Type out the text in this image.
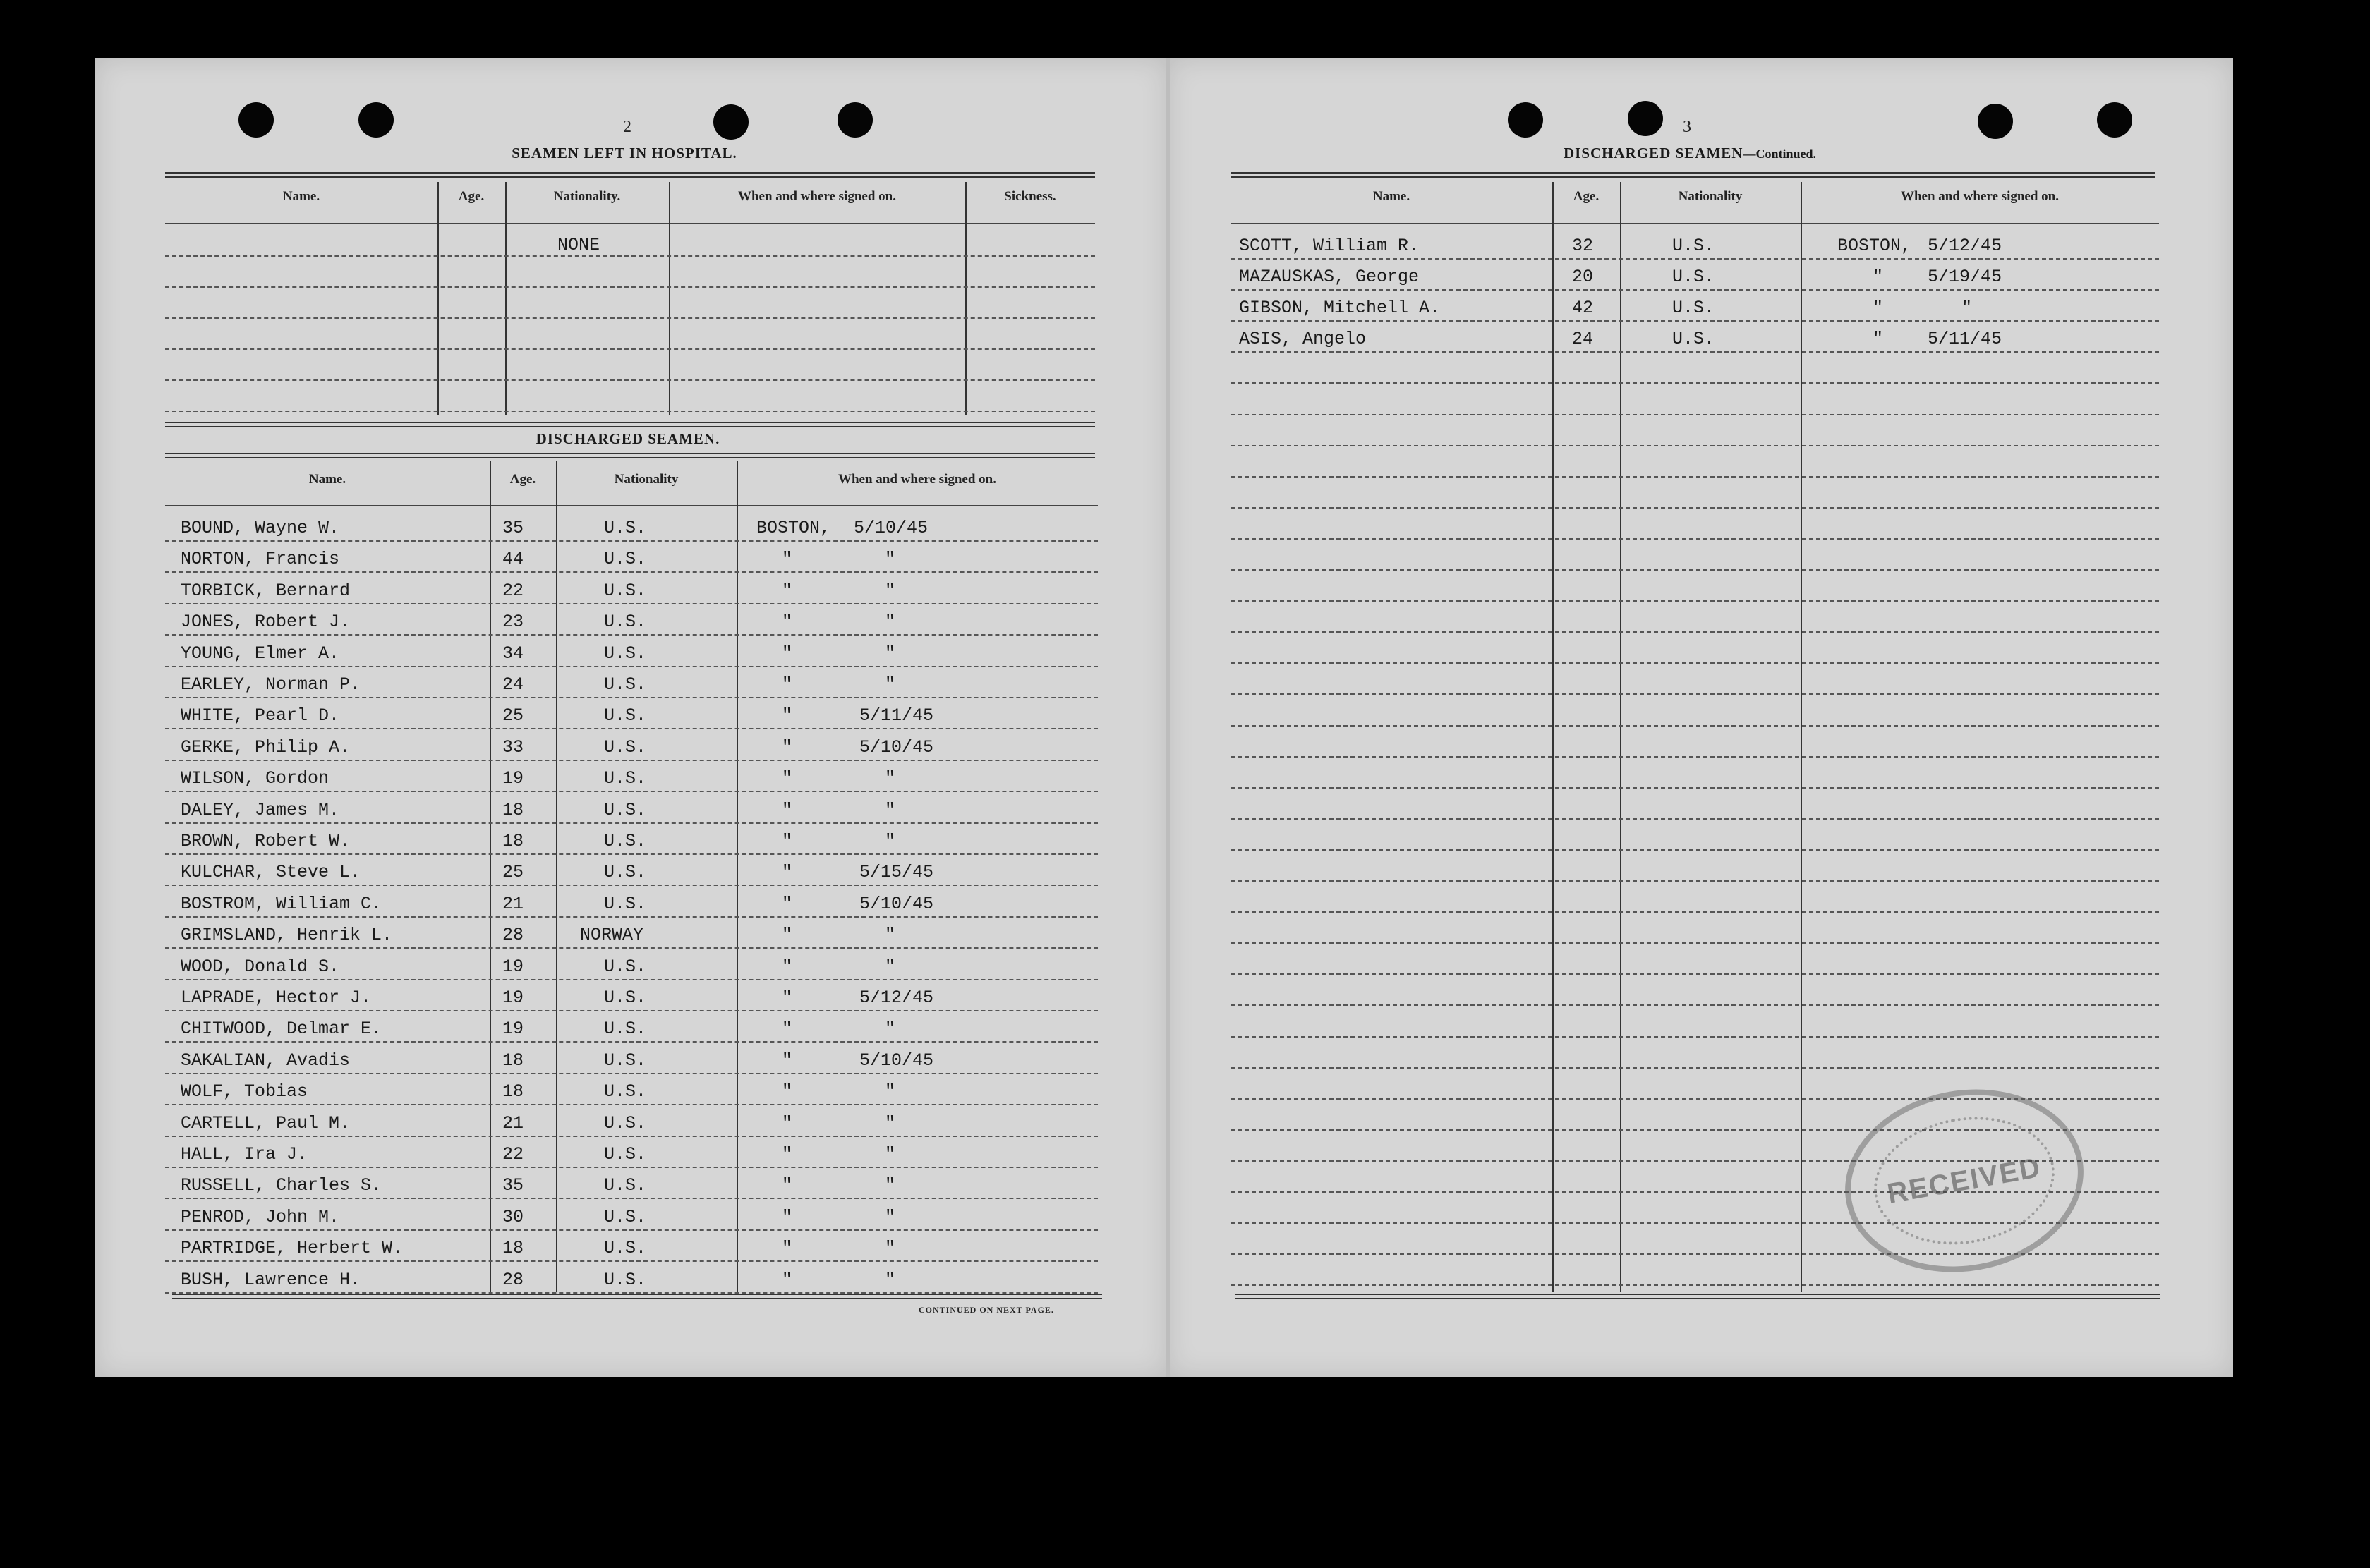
2
SEAMEN LEFT IN HOSPITAL.
Name.	Age.	Nationality.	When and where signed on.	Sickness.
NONE
DISCHARGED SEAMEN.
Name.	Age.	Nationality	When and where signed on.
BOUND, Wayne W.	35	U.S.	BOSTON, 5/10/45
NORTON, Francis	44	U.S.	"	"
TORBICK, Bernard	22	U.S.	"	"
JONES, Robert J.	23	U.S.	"	"
YOUNG, Elmer A.	34	U.S.	"	"
EARLEY, Norman P.	24	U.S.	"	"
WHITE, Pearl D.	25	U.S.	"	5/11/45
GERKE, Philip A.	33	U.S.	"	5/10/45
WILSON, Gordon	19	U.S.	"	"
DALEY, James M.	18	U.S.	"	"
BROWN, Robert W.	18	U.S.	"	"
KULCHAR, Steve L.	25	U.S.	"	5/15/45
BOSTROM, William C.	21	U.S.	"	5/10/45
GRIMSLAND, Henrik L.	28	NORWAY	"	"
WOOD, Donald S.	19	U.S.	"	"
LAPRADE, Hector J.	19	U.S.	"	5/12/45
CHITWOOD, Delmar E.	19	U.S.	"	"
SAKALIAN, Avadis	18	U.S.	"	5/10/45
WOLF, Tobias	18	U.S.	"	"
CARTELL, Paul M.	21	U.S.	"	"
HALL, Ira J.	22	U.S.	"	"
RUSSELL, Charles S.	35	U.S.	"	"
PENROD, John M.	30	U.S.	"	"
PARTRIDGE, Herbert W.	18	U.S.	"	"
BUSH, Lawrence H.	28	U.S.	"	"
CONTINUED ON NEXT PAGE.
3
DISCHARGED SEAMEN—Continued.
Name.	Age.	Nationality	When and where signed on.
SCOTT, William R.	32	U.S.	BOSTON, 5/12/45
MAZAUSKAS, George	20	U.S.	"	5/19/45
GIBSON, Mitchell A.	42	U.S.	"	"
ASIS, Angelo	24	U.S.	"	5/11/45
RECEIVED
